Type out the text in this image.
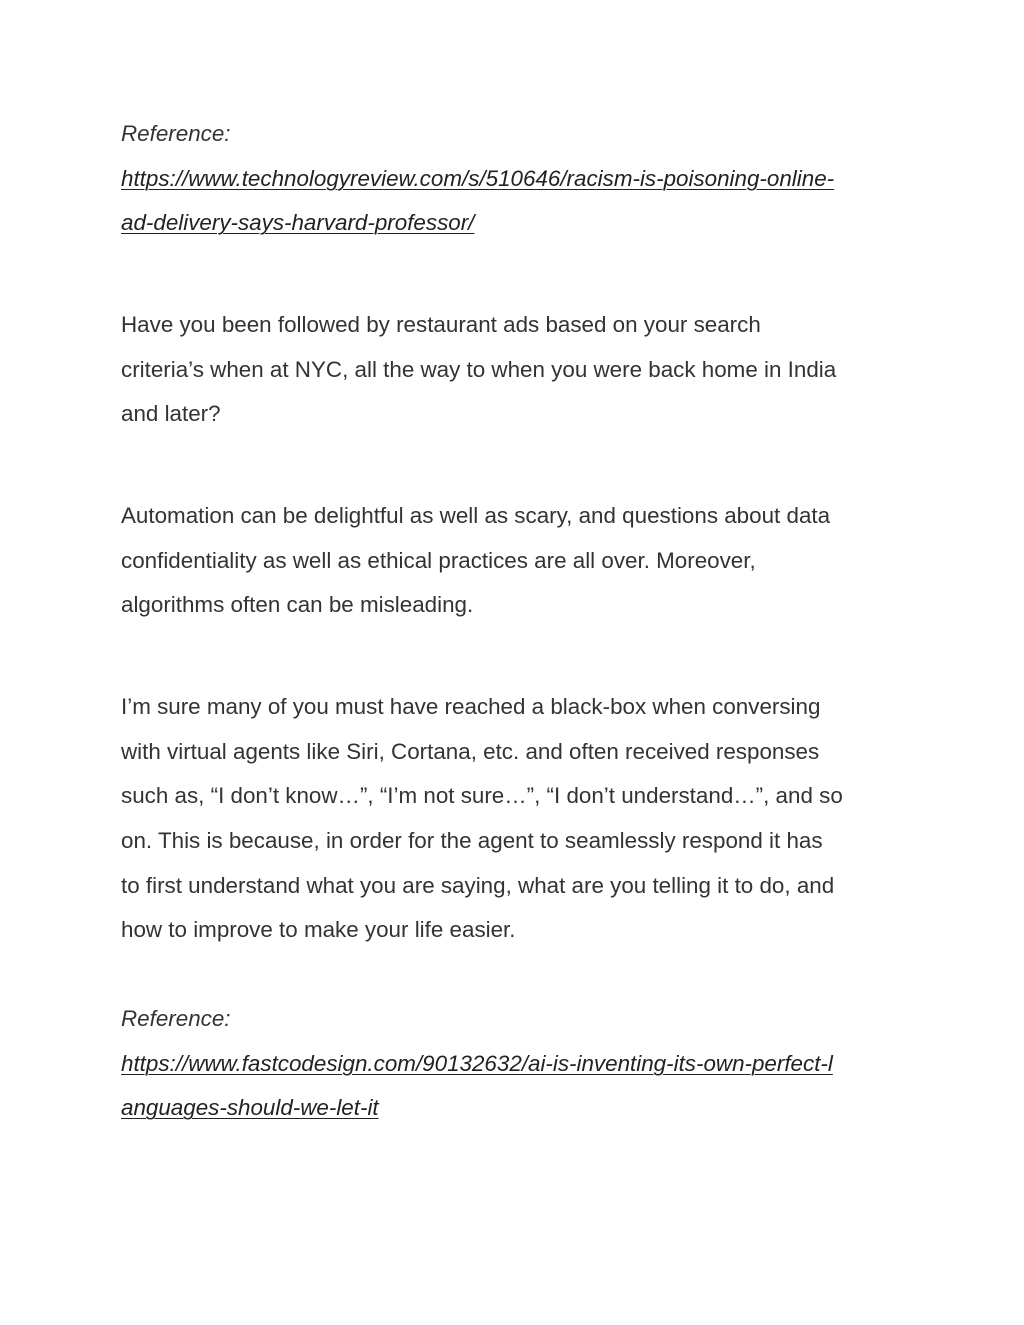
Reference:
https://www.technologyreview.com/s/510646/racism-is-poisoning-online-
ad-delivery-says-harvard-professor/
Have you been followed by restaurant ads based on your search
criteria’s when at NYC, all the way to when you were back home in India
and later?
Automation can be delightful as well as scary, and questions about data
confidentiality as well as ethical practices are all over. Moreover,
algorithms often can be misleading.
I’m sure many of you must have reached a black-box when conversing
with virtual agents like Siri, Cortana, etc. and often received responses
such as, “I don’t know…”, “I’m not sure…”, “I don’t understand…”, and so
on. This is because, in order for the agent to seamlessly respond it has
to first understand what you are saying, what are you telling it to do, and
how to improve to make your life easier.
Reference:
https://www.fastcodesign.com/90132632/ai-is-inventing-its-own-perfect-l
anguages-should-we-let-it
